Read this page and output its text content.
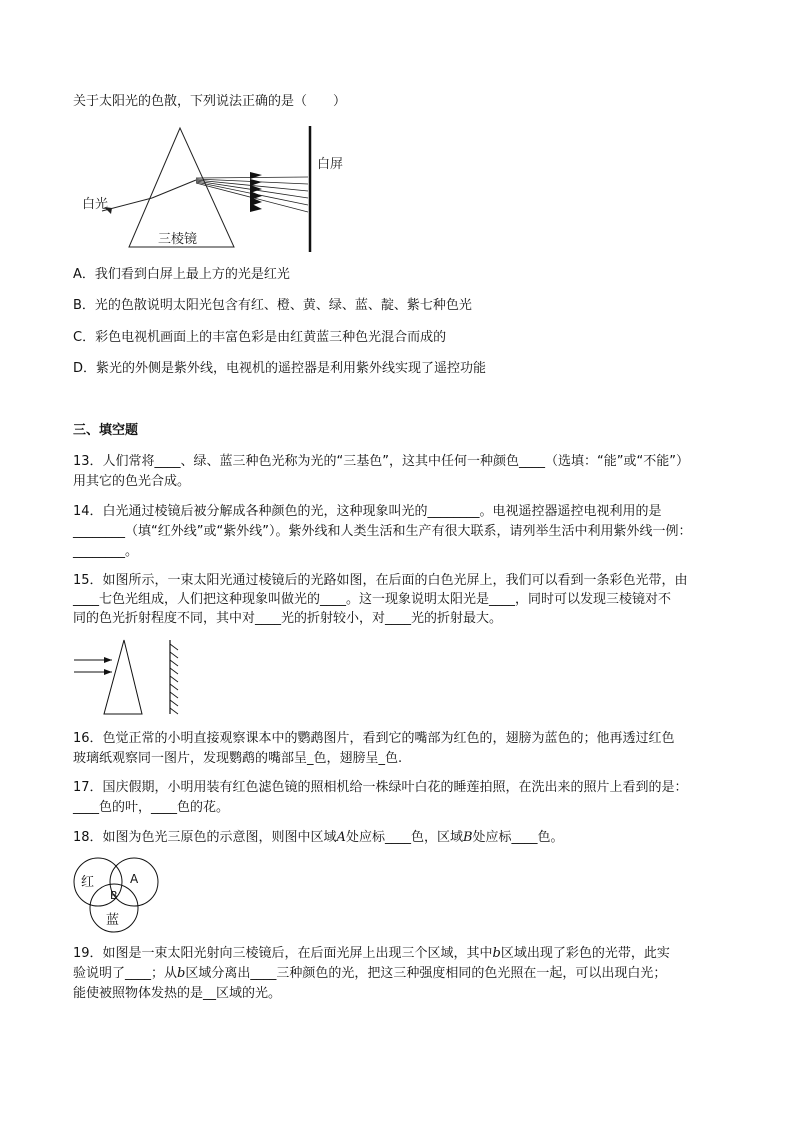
关于太阳光的色散，下列说法正确的是（　　）
白光
三棱镜
白屏
A．我们看到白屏上最上方的光是红光
B．光的色散说明太阳光包含有红、橙、黄、绿、蓝、靛、紫七种色光
C．彩色电视机画面上的丰富色彩是由红黄蓝三种色光混合而成的
D．紫光的外侧是紫外线，电视机的遥控器是利用紫外线实现了遥控功能
三、填空题
13．人们常将____、绿、蓝三种色光称为光的“三基色”，这其中任何一种颜色____（选填：“能”或“不能”）
用其它的色光合成。
14．白光通过棱镜后被分解成各种颜色的光，这种现象叫光的________。电视遥控器遥控电视利用的是
________（填“红外线”或“紫外线”）。紫外线和人类生活和生产有很大联系，请列举生活中利用紫外线一例：
________。
15．如图所示，一束太阳光通过棱镜后的光路如图，在后面的白色光屏上，我们可以看到一条彩色光带，由
____七色光组成，人们把这种现象叫做光的____。这一现象说明太阳光是____，同时可以发现三棱镜对不
同的色光折射程度不同，其中对____光的折射较小，对____光的折射最大。
16．色觉正常的小明直接观察课本中的鹦鹉图片，看到它的嘴部为红色的，翅膀为蓝色的；他再透过红色
玻璃纸观察同一图片，发现鹦鹉的嘴部呈_色，翅膀呈_色.
17．国庆假期，小明用装有红色滤色镜的照相机给一株绿叶白花的睡莲拍照，在洗出来的照片上看到的是：
____色的叶，____色的花。
18．如图为色光三原色的示意图，则图中区域A处应标____色，区域B处应标____色。
红	A
B
蓝
19．如图是一束太阳光射向三棱镜后，在后面光屏上出现三个区域，其中b区域出现了彩色的光带，此实
验说明了____；从b区域分离出____三种颜色的光，把这三种强度相同的色光照在一起，可以出现白光；
能使被照物体发热的是__区域的光。
